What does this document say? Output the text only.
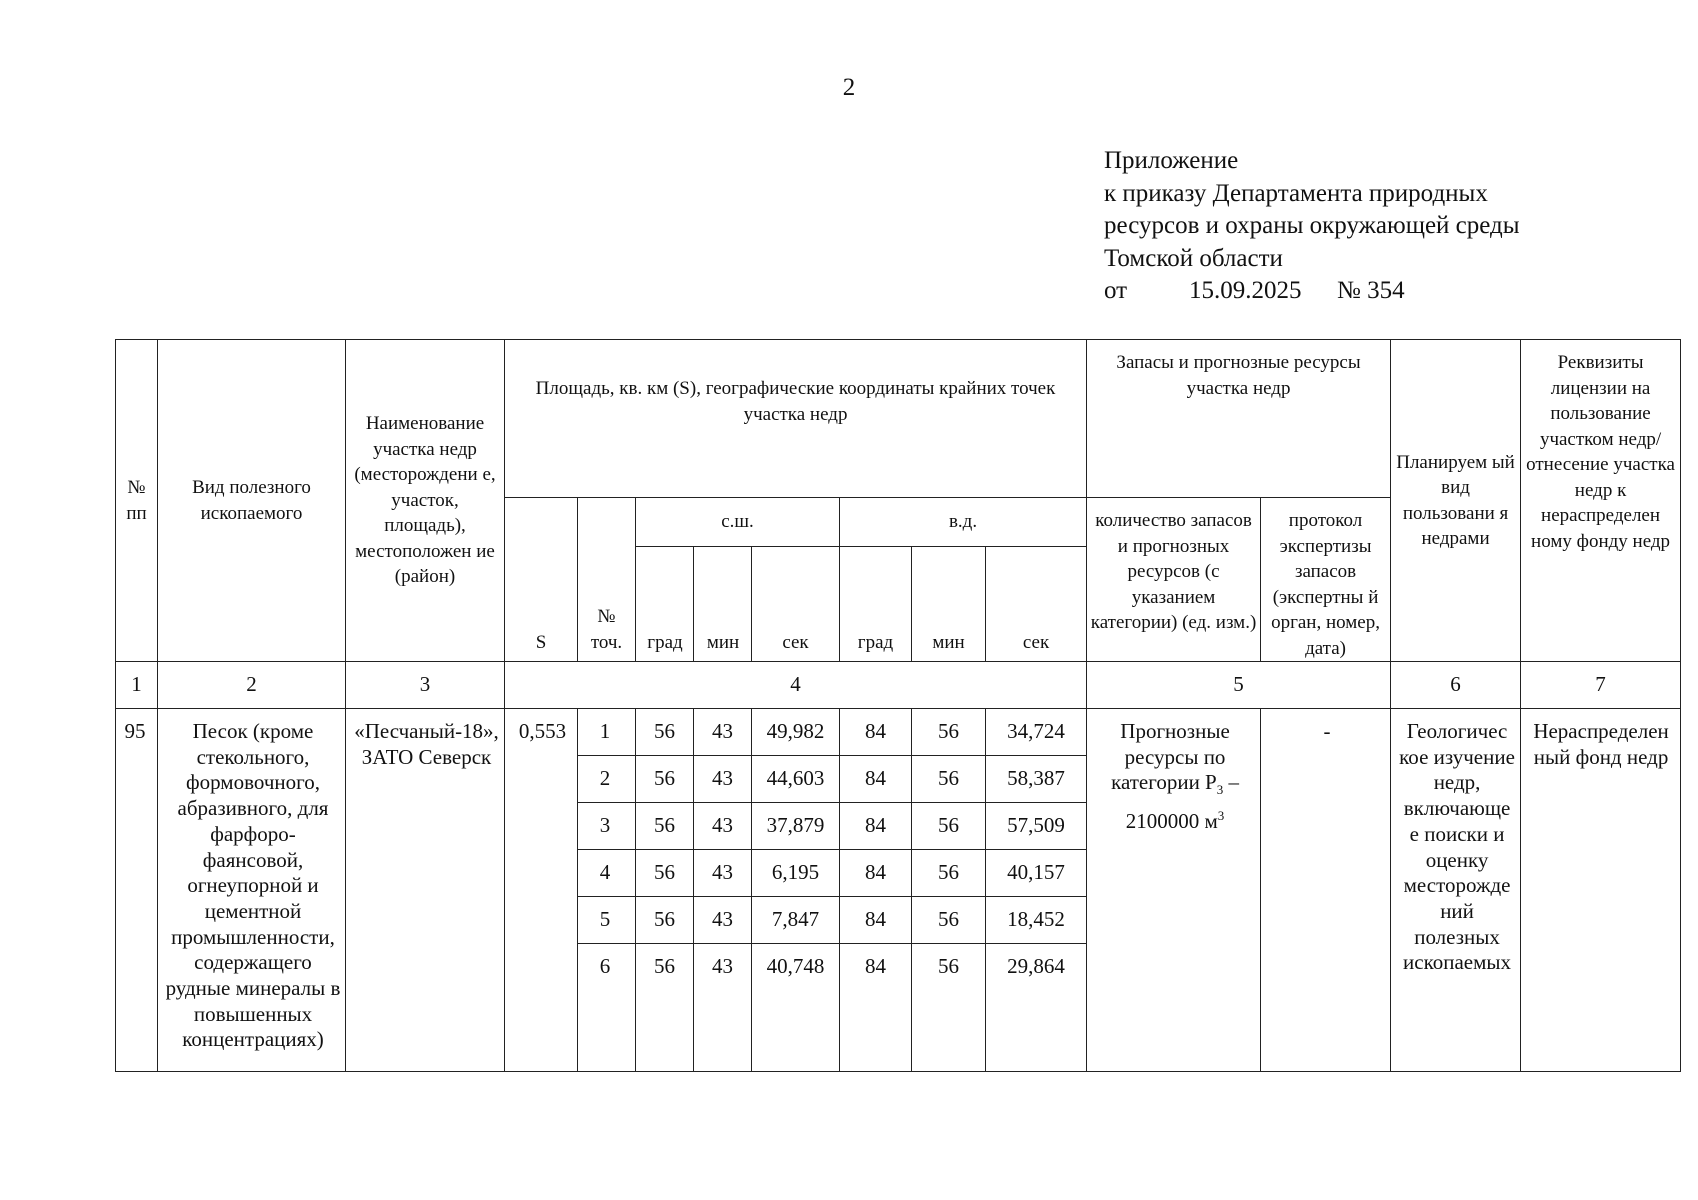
2
Приложение
к приказу Департамента природных
ресурсов и охраны окружающей среды
Томской области
от 15.09.2025 № 354
№ пп	Вид полезного ископаемого	Наименование участка недр (месторождени е, участок, площадь), местоположен ие (район)	Площадь, кв. км (S), географические координаты крайних точек участка недр								Запасы и прогнозные ресурсы участка недр		Планируем ый вид пользовани я недрами	Реквизиты лицензии на пользование участком недр/ отнесение участка недр к нераспределен ному фонду недр
			S	№ точ.	с.ш.			в.д.			количество запасов и прогнозных ресурсов (с указанием категории) (ед. изм.)	протокол экспертизы запасов (экспертны й орган, номер, дата)		
					град	мин	сек	град	мин	сек				
1	2	3	4								5		6	7
95	Песок (кроме стекольного, формовочного, абразивного, для фарфоро-фаянсовой, огнеупорной и цементной промышленности, содержащего рудные минералы в повышенных концентрациях)	«Песчаный-18», ЗАТО Северск	0,553	1	56	43	49,982	84	56	34,724	Прогнозные ресурсы по категории $P_3 - 2100000$ $м^3$	-	Геологичес кое изучение недр, включающе е поиски и оценку месторожде ний полезных ископаемых	Нераспределен ный фонд недр
				2	56	43	44,603	84	56	58,387				
				3	56	43	37,879	84	56	57,509				
				4	56	43	6,195	84	56	40,157				
				5	56	43	7,847	84	56	18,452				
				6	56	43	40,748	84	56	29,864				
